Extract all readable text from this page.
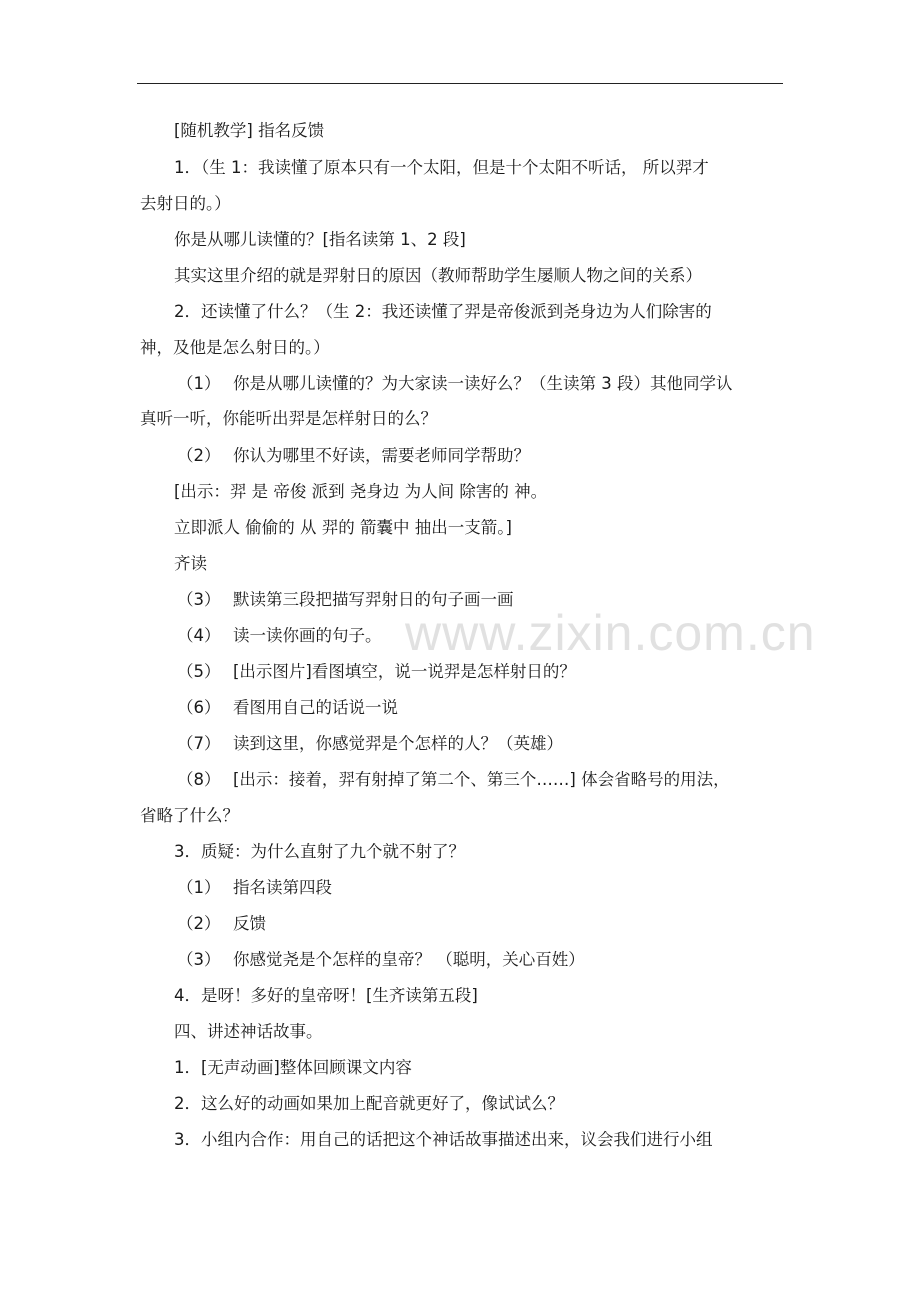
www.zixin.com.cn
[随机教学] 指名反馈
1．（生 1：我读懂了原本只有一个太阳，但是十个太阳不听话， 所以羿才
去射日的。）
你是从哪儿读懂的？[指名读第 1、2 段]
其实这里介绍的就是羿射日的原因（教师帮助学生屡顺人物之间的关系）
2．还读懂了什么？（生 2：我还读懂了羿是帝俊派到尧身边为人们除害的
神，及他是怎么射日的。）
（1） 你是从哪儿读懂的？为大家读一读好么？（生读第 3 段）其他同学认
真听一听，你能听出羿是怎样射日的么？
（2） 你认为哪里不好读，需要老师同学帮助？
[出示：羿 是 帝俊 派到 尧身边 为人间 除害的 神。
立即派人 偷偷的 从 羿的 箭囊中 抽出一支箭。]
齐读
（3） 默读第三段把描写羿射日的句子画一画
（4） 读一读你画的句子。
（5） [出示图片]看图填空，说一说羿是怎样射日的？
（6） 看图用自己的话说一说
（7） 读到这里，你感觉羿是个怎样的人？（英雄）
（8） [出示：接着，羿有射掉了第二个、第三个……] 体会省略号的用法，
省略了什么？
3．质疑：为什么直射了九个就不射了？
（1） 指名读第四段
（2） 反馈
（3） 你感觉尧是个怎样的皇帝？ （聪明，关心百姓）
4．是呀！多好的皇帝呀！[生齐读第五段]
四、讲述神话故事。
1．[无声动画]整体回顾课文内容
2．这么好的动画如果加上配音就更好了，像试试么？
3．小组内合作：用自己的话把这个神话故事描述出来，议会我们进行小组
